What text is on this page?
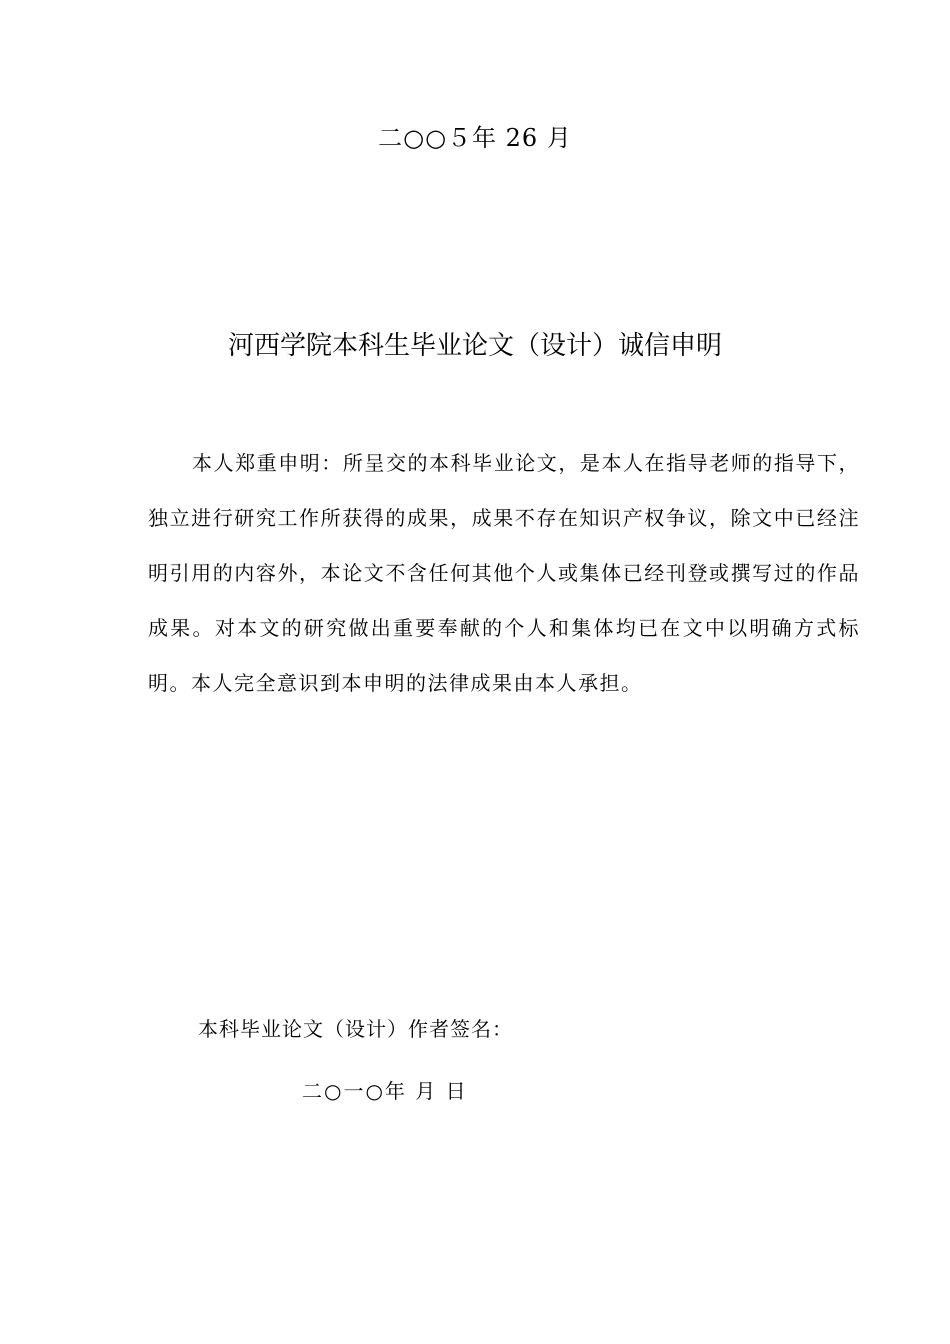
二○○５年 26 月
河西学院本科生毕业论文（设计）诚信申明

本人郑重申明：所呈交的本科毕业论文，是本人在指导老师的指导下，独立进行研究工作所获得的成果，成果不存在知识产权争议，除文中已经注明引用的内容外，本论文不含任何其他个人或集体已经刊登或撰写过的作品成果。对本文的研究做出重要奉献的个人和集体均已在文中以明确方式标明。本人完全意识到本申明的法律成果由本人承担。

本科毕业论文（设计）作者签名：
二○一○年 月 日
